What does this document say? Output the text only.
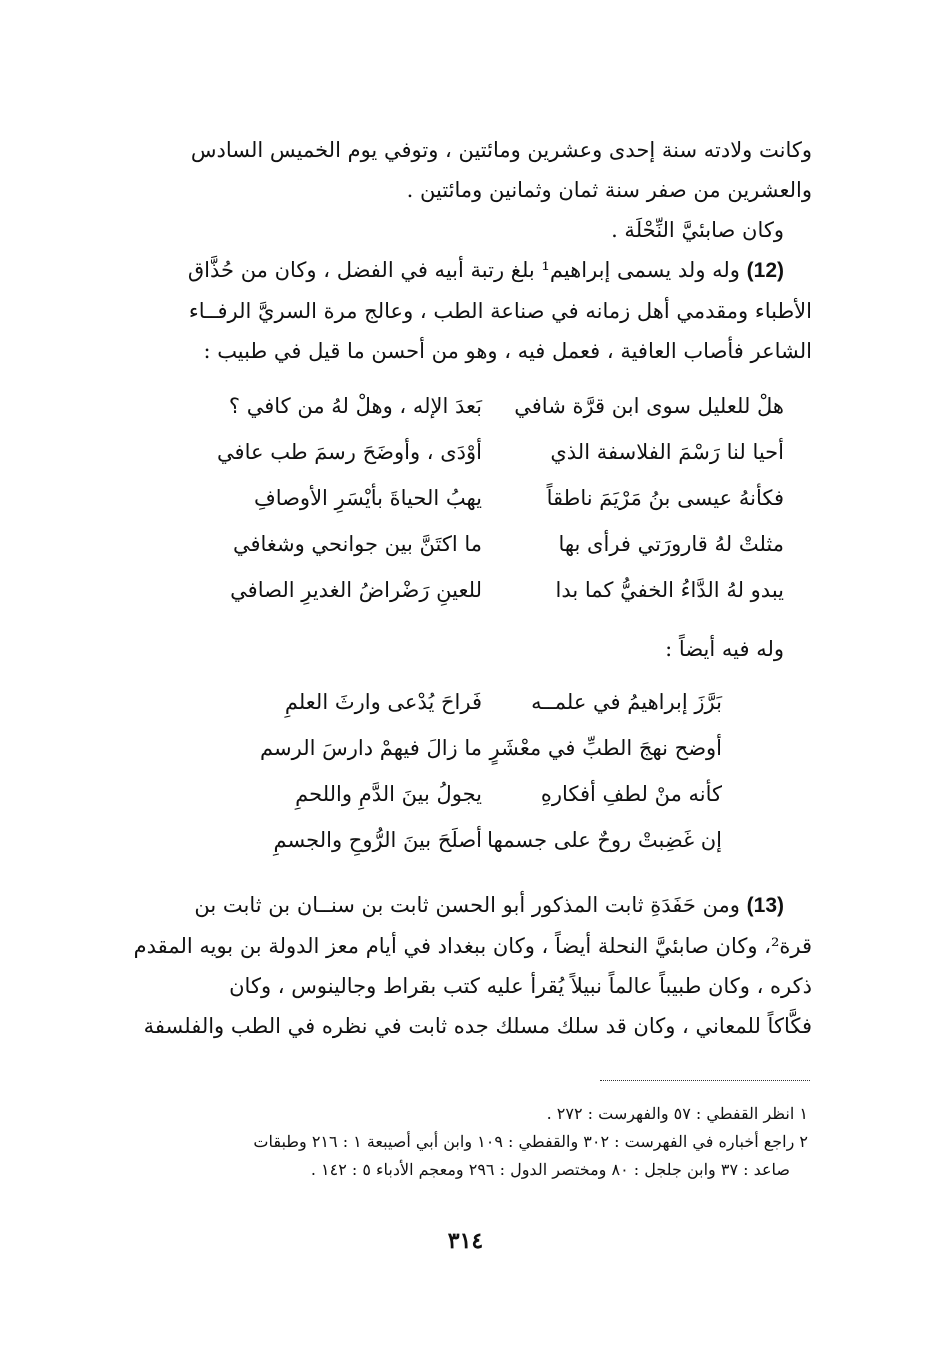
وكانت ولادته سنة إحدى وعشرين ومائتين ، وتوفي يوم الخميس السادس
والعشرين من صفر سنة ثمان وثمانين ومائتين .
وكان صابئيَّ النِّحْلَة .

(12) وله ولد يسمى إبراهيم¹ بلغ رتبة أبيه في الفضل ، وكان من حُذَّاق
الأطباء ومقدمي أهل زمانه في صناعة الطب ، وعالج مرة السريَّ الرفــاء
الشاعر فأصاب العافية ، فعمل فيه ، وهو من أحسن ما قيل في طبيب :

هلْ للعليل سوى ابن قرَّة شافي
بَعدَ الإله ، وهلْ لهُ من كافي ؟
أحيا لنا رَسْمَ الفلاسفة الذي
أوْدَى ، وأوضَحَ رسمَ طب عافي
فكأنهُ عيسى بنُ مَرْيَمَ ناطقاً
يهبُ الحياةَ بأيْسَرِ الأوصافِ
مثلتْ لهُ قارورَتي فرأى بها
ما اكتَنَّ بين جوانحي وشغافي
يبدو لهُ الدَّاءُ الخفيُّ كما بدا
للعينِ رَضْراضُ الغديرِ الصافي
وله فيه أيضاً :
بَرَّزَ إبراهيمُ في علمــه
فَراحَ يُدْعى وارثَ العلمِ
أوضح نهجَ الطبِّ في معْشَرٍ
ما زالَ فيهمْ دارسَ الرسم
كأنه منْ لطفِ أفكارهِ
يجولُ بينَ الدَّمِ واللحمِ
إن غَضِبتْ روحٌ على جسمها
أصلَحَ بينَ الرُّوحِ والجسمِ

(13) ومن حَفَدَةِ ثابت المذكور أبو الحسن ثابت بن سنــان بن ثابت بن
قرة²، وكان صابئيَّ النحلة أيضاً ، وكان ببغداد في أيام معز الدولة بن بويه المقدم
ذكره ، وكان طبيباً عالماً نبيلاً يُقرأ عليه كتب بقراط وجالينوس ، وكان
فكَّاكاً للمعاني ، وكان قد سلك مسلك جده ثابت في نظره في الطب والفلسفة

١ انظر القفطي : ٥٧ والفهرست : ٢٧٢ .
٢ راجع أخباره في الفهرست : ٣٠٢ والقفطي : ١٠٩ وابن أبي أصيبعة ١ : ٢١٦ وطبقات
صاعد : ٣٧ وابن جلجل : ٨٠ ومختصر الدول : ٢٩٦ ومعجم الأدباء ٥ : ١٤٢ .
٣١٤
